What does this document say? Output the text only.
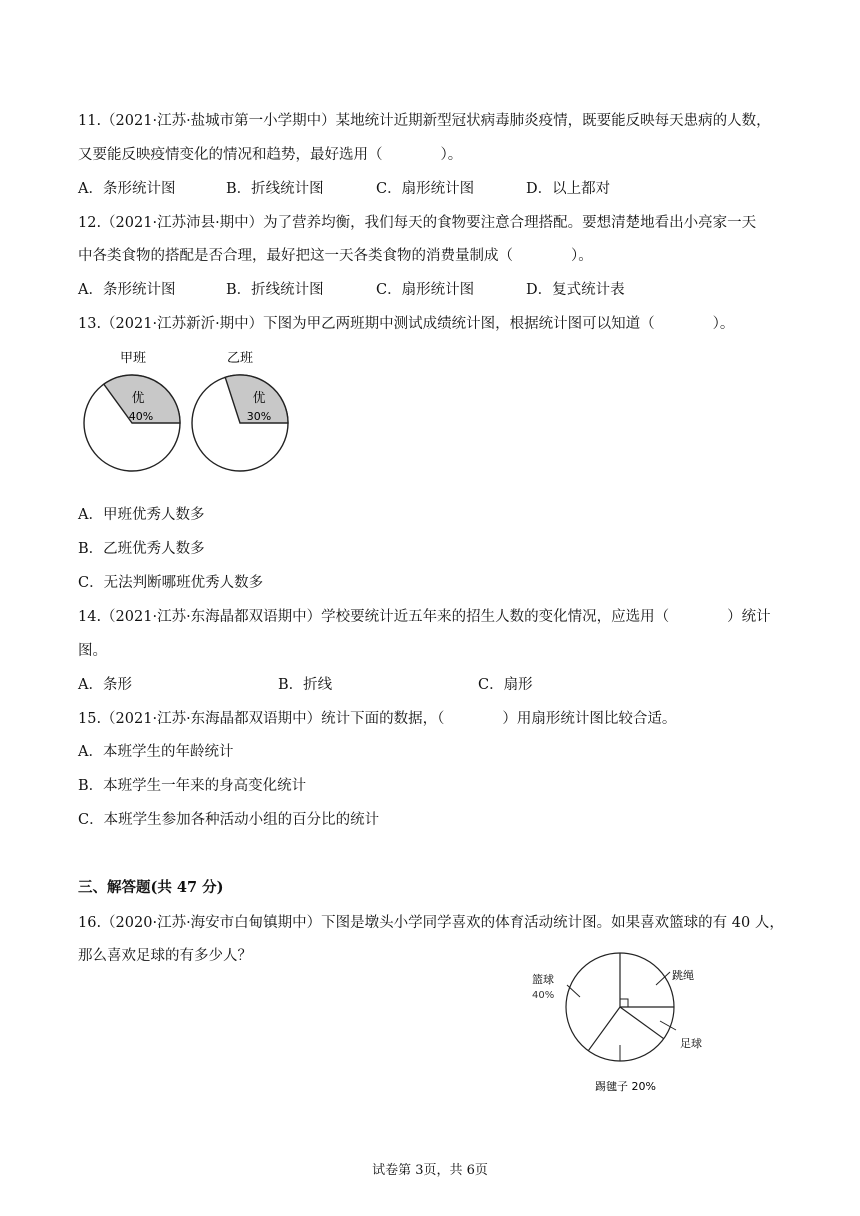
11.（2021·江苏·盐城市第一小学期中）某地统计近期新型冠状病毒肺炎疫情，既要能反映每天患病的人数，
又要能反映疫情变化的情况和趋势，最好选用（　　　　）。
A．条形统计图	B．折线统计图	C．扇形统计图	D．以上都对
12.（2021·江苏沛县·期中）为了营养均衡，我们每天的食物要注意合理搭配。要想清楚地看出小亮家一天
中各类食物的搭配是否合理，最好把这一天各类食物的消费量制成（　　　　）。
A．条形统计图	B．折线统计图	C．扇形统计图	D．复式统计表
13.（2021·江苏新沂·期中）下图为甲乙两班期中测试成绩统计图，根据统计图可以知道（　　　　）。
甲班
优
40%
乙班
优
30%
A．甲班优秀人数多
B．乙班优秀人数多
C．无法判断哪班优秀人数多
14.（2021·江苏·东海晶都双语期中）学校要统计近五年来的招生人数的变化情况，应选用（　　　　）统计
图。
A．条形	B．折线	C．扇形
15.（2021·江苏·东海晶都双语期中）统计下面的数据，（　　　　）用扇形统计图比较合适。
A．本班学生的年龄统计
B．本班学生一年来的身高变化统计
C．本班学生参加各种活动小组的百分比的统计
三、解答题(共 47 分)
16.（2020·江苏·海安市白甸镇期中）下图是墩头小学同学喜欢的体育活动统计图。如果喜欢篮球的有 40 人，
那么喜欢足球的有多少人？
篮球
40%
跳绳
足球
踢毽子 20%
试卷第 3页，共 6页
